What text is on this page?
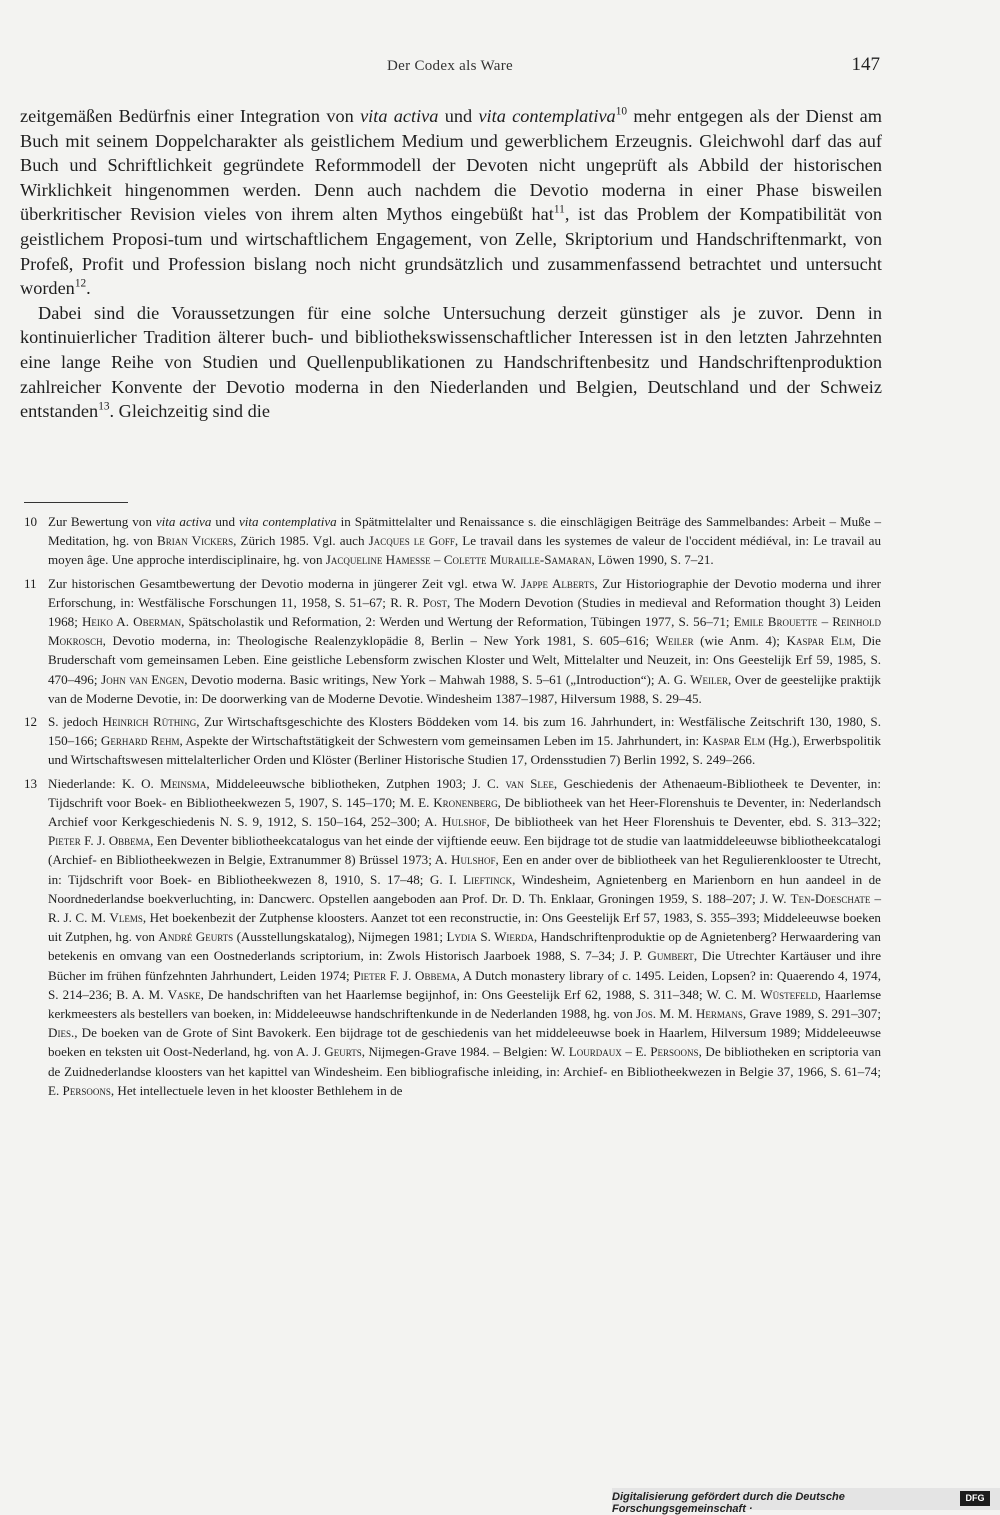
Der Codex als Ware	147

zeitgemäßen Bedürfnis einer Integration von vita activa und vita contemplativa$^{10}$ mehr entgegen als der Dienst am Buch mit seinem Doppelcharakter als geistlichem Medium und gewerblichem Erzeugnis. Gleichwohl darf das auf Buch und Schriftlichkeit gegründete Reformmodell der Devoten nicht ungeprüft als Abbild der historischen Wirklichkeit hingenommen werden. Denn auch nachdem die Devotio moderna in einer Phase bisweilen überkritischer Revision vieles von ihrem alten Mythos eingebüßt hat$^{11}$, ist das Problem der Kompatibilität von geistlichem Proposi-tum und wirtschaftlichem Engagement, von Zelle, Skriptorium und Handschriftenmarkt, von Profeß, Profit und Profession bislang noch nicht grundsätzlich und zusammenfassend betrachtet und untersucht worden$^{12}$.

Dabei sind die Voraussetzungen für eine solche Untersuchung derzeit günstiger als je zuvor. Denn in kontinuierlicher Tradition älterer buch- und bibliothekswissenschaftlicher Interessen ist in den letzten Jahrzehnten eine lange Reihe von Studien und Quellenpublikationen zu Handschriftenbesitz und Handschriftenproduktion zahlreicher Konvente der Devotio moderna in den Niederlanden und Belgien, Deutschland und der Schweiz entstanden$^{13}$. Gleichzeitig sind die

10 Zur Bewertung von vita activa und vita contemplativa in Spätmittelalter und Renaissance s. die einschlägigen Beiträge des Sammelbandes: Arbeit – Muße – Meditation, hg. von Brian Vickers, Zürich 1985. Vgl. auch Jacques le Goff, Le travail dans les systemes de valeur de l'occident médiéval, in: Le travail au moyen âge. Une approche interdisciplinaire, hg. von Jacqueline Hamesse – Colette Muraille-Samaran, Löwen 1990, S. 7–21.
11 Zur historischen Gesamtbewertung der Devotio moderna in jüngerer Zeit vgl. etwa W. Jappe Alberts, Zur Historiographie der Devotio moderna und ihrer Erforschung, in: Westfälische Forschungen 11, 1958, S. 51–67; R. R. Post, The Modern Devotion (Studies in medieval and Reformation thought 3) Leiden 1968; Heiko A. Oberman, Spätscholastik und Reformation, 2: Werden und Wertung der Reformation, Tübingen 1977, S. 56–71; Emile Brouette – Reinhold Mokrosch, Devotio moderna, in: Theologische Realenzyklopädie 8, Berlin – New York 1981, S. 605–616; Weiler (wie Anm. 4); Kaspar Elm, Die Bruderschaft vom gemeinsamen Leben. Eine geistliche Lebensform zwischen Kloster und Welt, Mittelalter und Neuzeit, in: Ons Geestelijk Erf 59, 1985, S. 470–496; John van Engen, Devotio moderna. Basic writings, New York – Mahwah 1988, S. 5–61 („Introduction“); A. G. Weiler, Over de geestelijke praktijk van de Moderne Devotie, in: De doorwerking van de Moderne Devotie. Windesheim 1387–1987, Hilversum 1988, S. 29–45.
12 S. jedoch Heinrich Rüthing, Zur Wirtschaftsgeschichte des Klosters Böddeken vom 14. bis zum 16. Jahrhundert, in: Westfälische Zeitschrift 130, 1980, S. 150–166; Gerhard Rehm, Aspekte der Wirtschaftstätigkeit der Schwestern vom gemeinsamen Leben im 15. Jahrhundert, in: Kaspar Elm (Hg.), Erwerbspolitik und Wirtschaftswesen mittelalterlicher Orden und Klöster (Berliner Historische Studien 17, Ordensstudien 7) Berlin 1992, S. 249–266.
13 Niederlande: K. O. Meinsma, Middeleeuwsche bibliotheken, Zutphen 1903; J. C. van Slee, Geschiedenis der Athenaeum-Bibliotheek te Deventer, in: Tijdschrift voor Boek- en Bibliotheekwezen 5, 1907, S. 145–170; M. E. Kronenberg, De bibliotheek van het Heer-Florenshuis te Deventer, in: Nederlandsch Archief voor Kerkgeschiedenis N. S. 9, 1912, S. 150–164, 252–300; A. Hulshof, De bibliotheek van het Heer Florenshuis te Deventer, ebd. S. 313–322; Pieter F. J. Obbema, Een Deventer bibliotheekcatalogus van het einde der vijftiende eeuw. Een bijdrage tot de studie van laatmiddeleeuwse bibliotheekcatalogi (Archief- en Bibliotheekwezen in Belgie, Extranummer 8) Brüssel 1973; A. Hulshof, Een en ander over de bibliotheek van het Regulierenklooster te Utrecht, in: Tijdschrift voor Boek- en Bibliotheekwezen 8, 1910, S. 17–48; G. I. Lieftinck, Windesheim, Agnietenberg en Marienborn en hun aandeel in de Noordnederlandse boekverluchting, in: Dancwerc. Opstellen aangeboden aan Prof. Dr. D. Th. Enklaar, Groningen 1959, S. 188–207; J. W. Ten-Doeschate – R. J. C. M. Vlems, Het boekenbezit der Zutphense kloosters. Aanzet tot een reconstructie, in: Ons Geestelijk Erf 57, 1983, S. 355–393; Middeleeuwse boeken uit Zutphen, hg. von André Geurts (Ausstellungskatalog), Nijmegen 1981; Lydia S. Wierda, Handschriftenproduktie op de Agnietenberg? Herwaardering van betekenis en omvang van een Oostnederlands scriptorium, in: Zwols Historisch Jaarboek 1988, S. 7–34; J. P. Gumbert, Die Utrechter Kartäuser und ihre Bücher im frühen fünfzehnten Jahrhundert, Leiden 1974; Pieter F. J. Obbema, A Dutch monastery library of c. 1495. Leiden, Lopsen? in: Quaerendo 4, 1974, S. 214–236; B. A. M. Vaske, De handschriften van het Haarlemse begijnhof, in: Ons Geestelijk Erf 62, 1988, S. 311–348; W. C. M. Wüstefeld, Haarlemse kerkmeesters als bestellers van boeken, in: Middeleeuwse handschriftenkunde in de Nederlanden 1988, hg. von Jos. M. M. Hermans, Grave 1989, S. 291–307; Dies., De boeken van de Grote of Sint Bavokerk. Een bijdrage tot de geschiedenis van het middeleeuwse boek in Haarlem, Hilversum 1989; Middeleeuwse boeken en teksten uit Oost-Nederland, hg. von A. J. Geurts, Nijmegen-Grave 1984. – Belgien: W. Lourdaux – E. Persoons, De bibliotheken en scriptoria van de Zuidnederlandse kloosters van het kapittel van Windesheim. Een bibliografische inleiding, in: Archief- en Bibliotheekwezen in Belgie 37, 1966, S. 61–74; E. Persoons, Het intellectuele leven in het klooster Bethlehem in de
Digitalisierung gefördert durch die Deutsche Forschungsgemeinschaft ·
DFG
